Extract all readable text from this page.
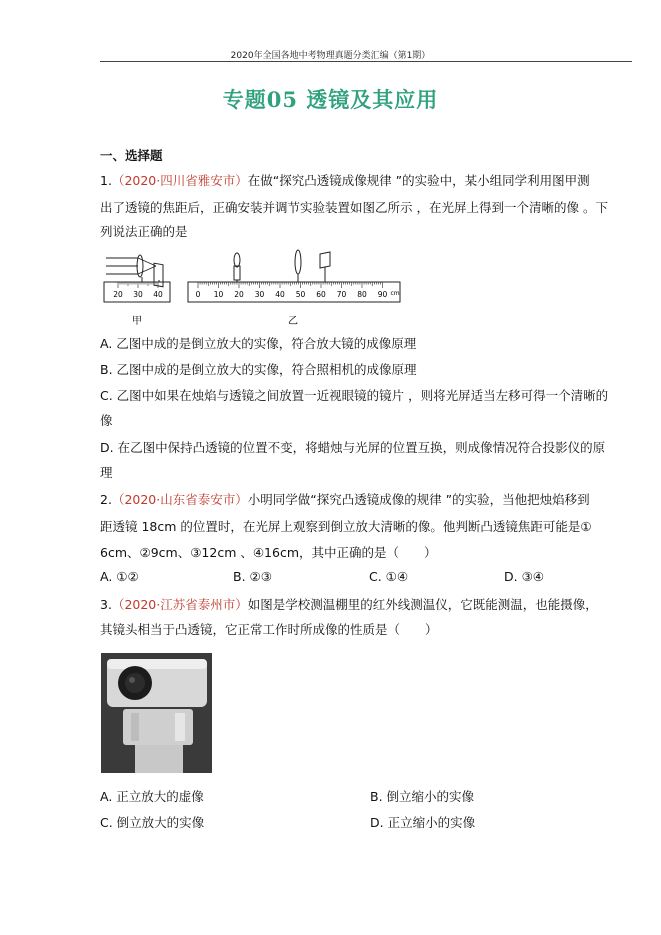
2020年全国各地中考物理真题分类汇编（第1期）
专题05 透镜及其应用
一、选择题
1.（2020·四川省雅安市）在做“探究凸透镜成像规律 ”的实验中，某小组同学利用图甲测
出了透镜的焦距后，正确安装并调节实验装置如图乙所示 ，在光屏上得到一个清晰的像 。下
列说法正确的是
20 30 40
甲
0 10 20 30 40 50 60 70 80 90 cm
乙
A. 乙图中成的是倒立放大的实像，符合放大镜的成像原理
B. 乙图中成的是倒立放大的实像，符合照相机的成像原理
C. 乙图中如果在烛焰与透镜之间放置一近视眼镜的镜片 ，则将光屏适当左移可得一个清晰的
像
D. 在乙图中保持凸透镜的位置不变，将蜡烛与光屏的位置互换，则成像情况符合投影仪的原
理
2.（2020·山东省泰安市）小明同学做“探究凸透镜成像的规律 ”的实验，当他把烛焰移到
距透镜 18cm 的位置时，在光屏上观察到倒立放大清晰的像。他判断凸透镜焦距可能是①
6cm、②9cm、③12cm 、④16cm，其中正确的是（　　）
A. ①②	B. ②③	C. ①④	D. ③④
3.（2020·江苏省泰州市）如图是学校测温棚里的红外线测温仪，它既能测温，也能摄像，
其镜头相当于凸透镜，它正常工作时所成像的性质是（　　）
A. 正立放大的虚像	B. 倒立缩小的实像
C. 倒立放大的实像	D. 正立缩小的实像
